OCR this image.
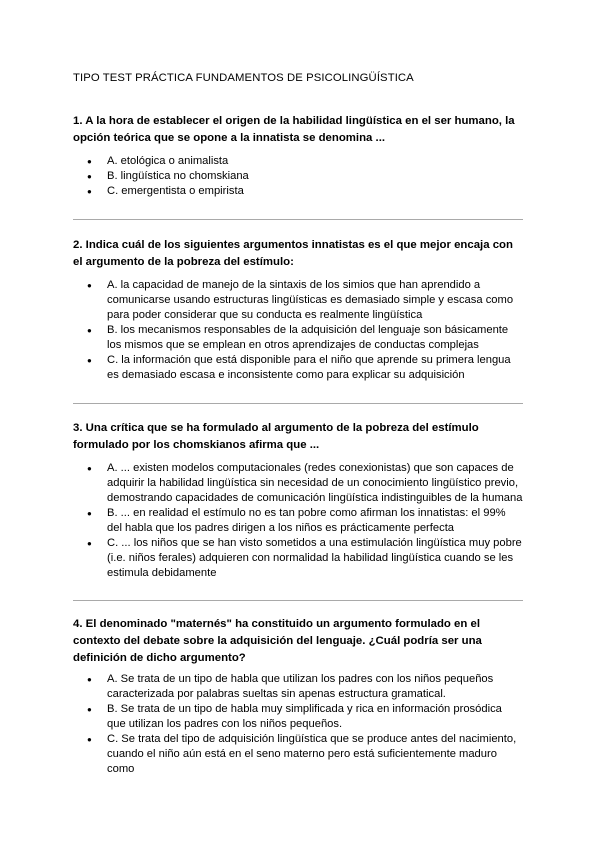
TIPO TEST PRÁCTICA FUNDAMENTOS DE PSICOLINGÜÍSTICA
1. A la hora de establecer el origen de la habilidad lingüística en el ser humano, la opción teórica que se opone a la innatista se denomina ...
● A. etológica o animalista
● B. lingüística no chomskiana
● C. emergentista o empirista
2. Indica cuál de los siguientes argumentos innatistas es el que mejor encaja con el argumento de la pobreza del estímulo:
● A. la capacidad de manejo de la sintaxis de los simios que han aprendido a comunicarse usando estructuras lingüísticas es demasiado simple y escasa como para poder considerar que su conducta es realmente lingüística
● B. los mecanismos responsables de la adquisición del lenguaje son básicamente los mismos que se emplean en otros aprendizajes de conductas complejas
● C. la información que está disponible para el niño que aprende su primera lengua es demasiado escasa e inconsistente como para explicar su adquisición
3. Una crítica que se ha formulado al argumento de la pobreza del estímulo formulado por los chomskianos afirma que ...
● A. ... existen modelos computacionales (redes conexionistas) que son capaces de adquirir la habilidad lingüística sin necesidad de un conocimiento lingüístico previo, demostrando capacidades de comunicación lingüística indistinguibles de la humana
● B. ... en realidad el estímulo no es tan pobre como afirman los innatistas: el 99% del habla que los padres dirigen a los niños es prácticamente perfecta
● C. ... los niños que se han visto sometidos a una estimulación lingüística muy pobre (i.e. niños ferales) adquieren con normalidad la habilidad lingüística cuando se les estimula debidamente
4. El denominado "maternés" ha constituido un argumento formulado en el contexto del debate sobre la adquisición del lenguaje. ¿Cuál podría ser una definición de dicho argumento?
● A. Se trata de un tipo de habla que utilizan los padres con los niños pequeños caracterizada por palabras sueltas sin apenas estructura gramatical.
● B. Se trata de un tipo de habla muy simplificada y rica en información prosódica que utilizan los padres con los niños pequeños.
● C. Se trata del tipo de adquisición lingüística que se produce antes del nacimiento, cuando el niño aún está en el seno materno pero está suficientemente maduro como
